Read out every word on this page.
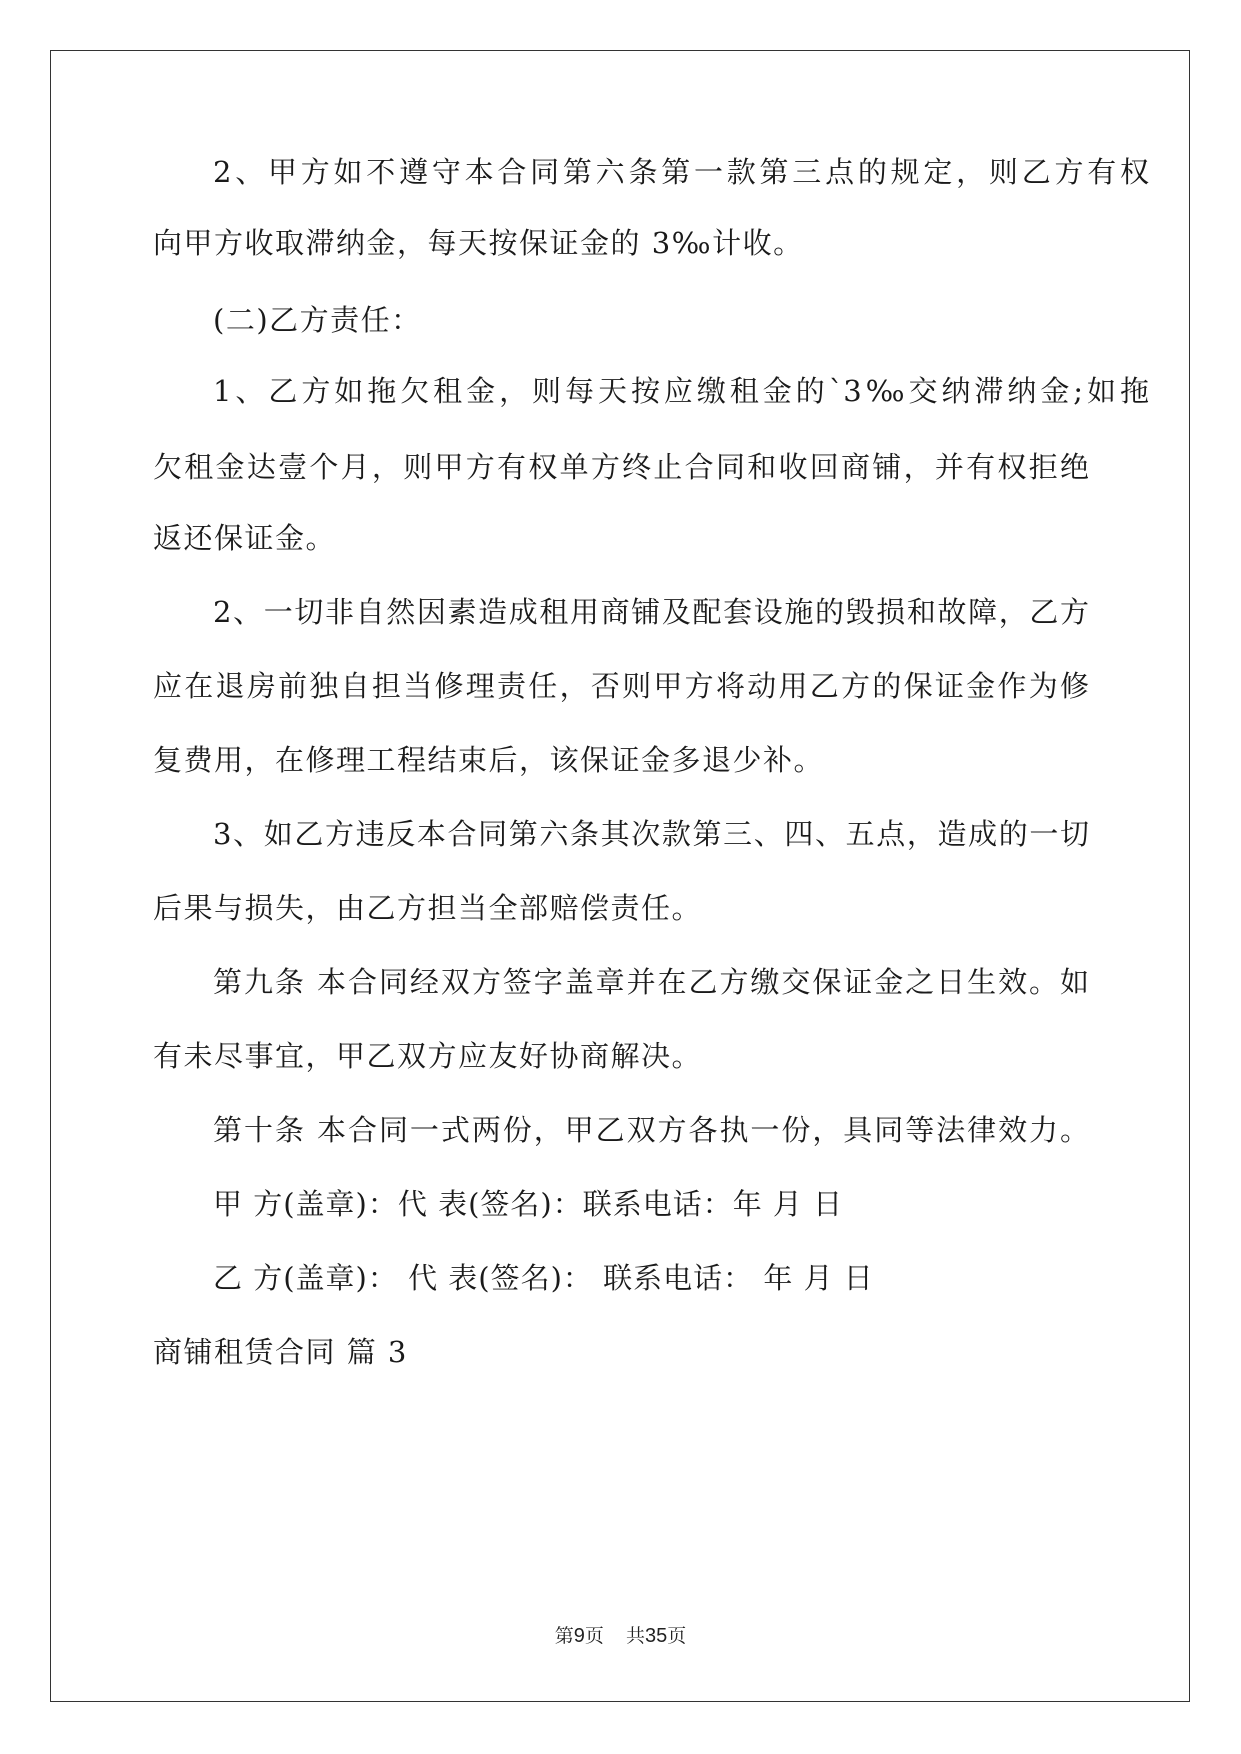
2、甲方如不遵守本合同第六条第一款第三点的规定，则乙方有权
向甲方收取滞纳金，每天按保证金的 3‰计收。
(二)乙方责任：
1、乙方如拖欠租金，则每天按应缴租金的`3‰交纳滞纳金;如拖
欠租金达壹个月，则甲方有权单方终止合同和收回商铺，并有权拒绝
返还保证金。
2、一切非自然因素造成租用商铺及配套设施的毁损和故障，乙方
应在退房前独自担当修理责任，否则甲方将动用乙方的保证金作为修
复费用，在修理工程结束后，该保证金多退少补。
3、如乙方违反本合同第六条其次款第三、四、五点，造成的一切
后果与损失，由乙方担当全部赔偿责任。
第九条 本合同经双方签字盖章并在乙方缴交保证金之日生效。如
有未尽事宜，甲乙双方应友好协商解决。
第十条 本合同一式两份，甲乙双方各执一份，具同等法律效力。
甲 方(盖章)：代 表(签名)：联系电话：年 月 日
乙 方(盖章)： 代 表(签名)： 联系电话： 年 月 日
商铺租赁合同 篇 3
第9页 共35页
